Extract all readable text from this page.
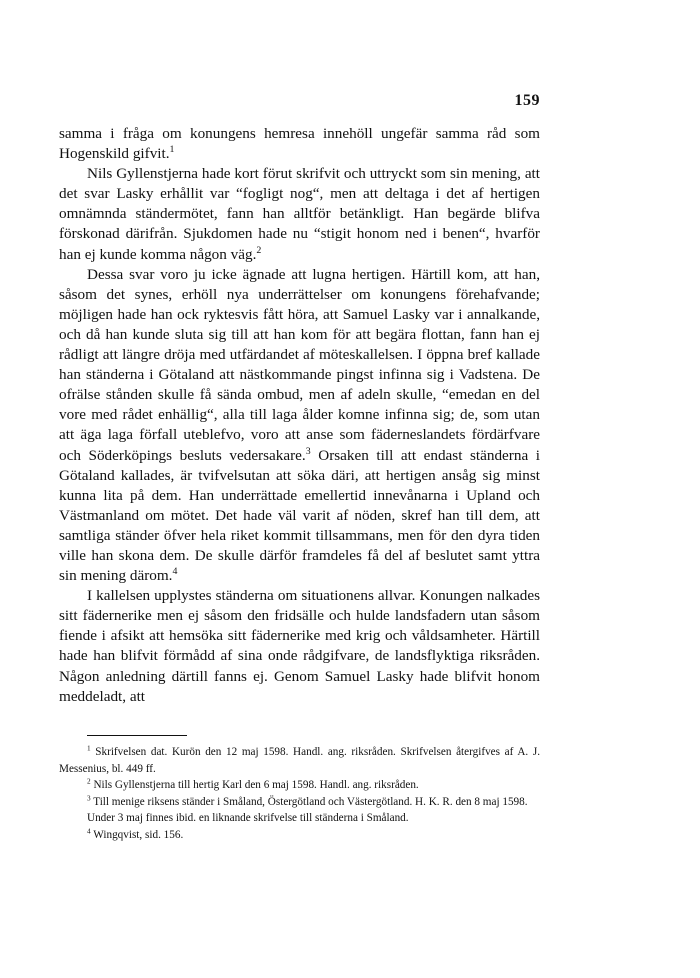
159

samma i fråga om konungens hemresa innehöll ungefär samma råd som Hogenskild gifvit.$^1$

Nils Gyllenstjerna hade kort förut skrifvit och uttryckt som sin mening, att det svar Lasky erhållit var “fogligt nog“, men att deltaga i det af hertigen omnämnda ständermötet, fann han alltför betänkligt. Han begärde blifva förskonad därifrån. Sjukdomen hade nu “stigit honom ned i benen“, hvarför han ej kunde komma någon väg.$^2$

Dessa svar voro ju icke ägnade att lugna hertigen. Härtill kom, att han, såsom det synes, erhöll nya underrättelser om konungens förehafvande; möjligen hade han ock ryktesvis fått höra, att Samuel Lasky var i annalkande, och då han kunde sluta sig till att han kom för att begära flottan, fann han ej rådligt att längre dröja med utfärdandet af möteskallelsen. I öppna bref kallade han ständerna i Götaland att nästkommande pingst infinna sig i Vadstena. De ofrälse stånden skulle få sända ombud, men af adeln skulle, “emedan en del vore med rådet enhällig“, alla till laga ålder komne infinna sig; de, som utan att äga laga förfall uteblefvo, voro att anse som fäderneslandets fördärfvare och Söderköpings besluts vedersakare.$^3$ Orsaken till att endast ständerna i Götaland kallades, är tvifvelsutan att söka däri, att hertigen ansåg sig minst kunna lita på dem. Han underrättade emellertid innevånarna i Upland och Västmanland om mötet. Det hade väl varit af nöden, skref han till dem, att samtliga ständer öfver hela riket kommit tillsammans, men för den dyra tiden ville han skona dem. De skulle därför framdeles få del af beslutet samt yttra sin mening därom.$^4$

I kallelsen upplystes ständerna om situationens allvar. Konungen nalkades sitt fädernerike men ej såsom den fridsälle och hulde landsfadern utan såsom fiende i afsikt att hemsöka sitt fädernerike med krig och våldsamheter. Härtill hade han blifvit förmådd af sina onde rådgifvare, de landsflyktiga riksråden. Någon anledning därtill fanns ej. Genom Samuel Lasky hade blifvit honom meddeladt, att

$^1$ Skrifvelsen dat. Kurön den 12 maj 1598. Handl. ang. riksråden. Skrifvelsen återgifves af A. J. Messenius, bl. 449 ff.

$^2$ Nils Gyllenstjerna till hertig Karl den 6 maj 1598. Handl. ang. riksråden.

$^3$ Till menige riksens ständer i Småland, Östergötland och Västergötland. H. K. R. den 8 maj 1598.

Under 3 maj finnes ibid. en liknande skrifvelse till ständerna i Småland.

$^4$ Wingqvist, sid. 156.
